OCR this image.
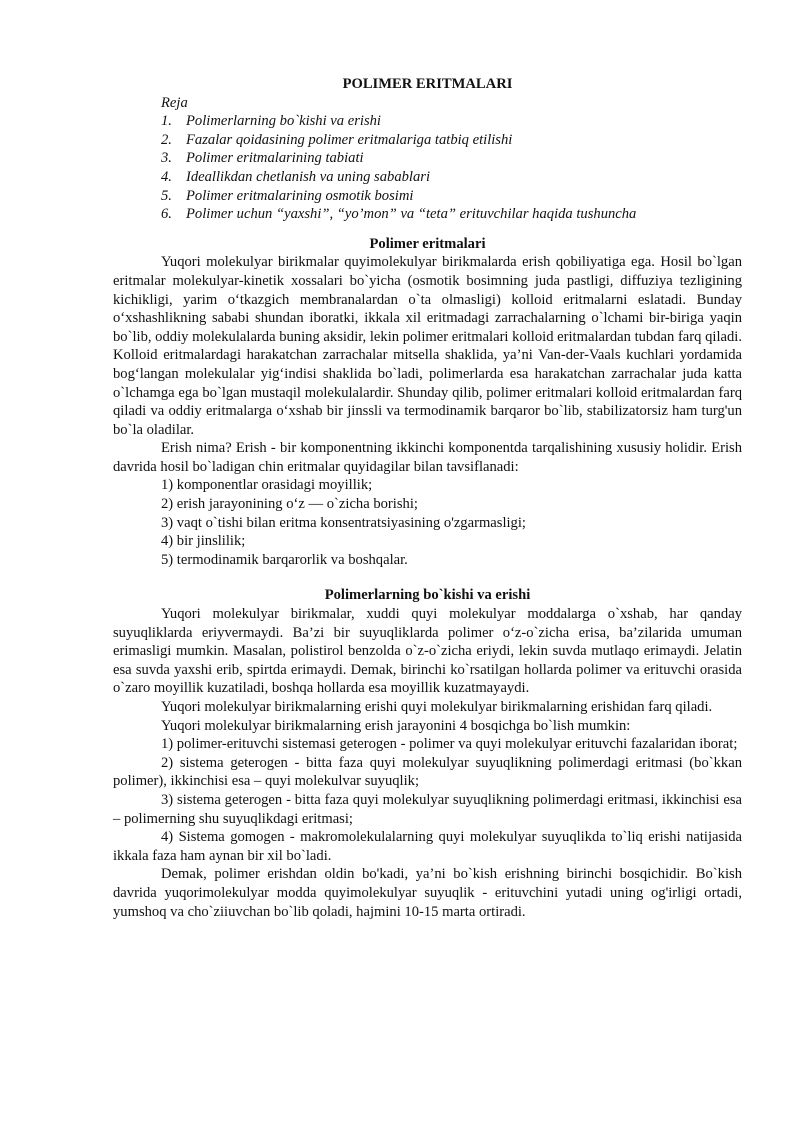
POLIMER ERITMALARI
Reja
1. Polimerlarning bo`kishi va erishi
2. Fazalar qoidasining polimer eritmalariga tatbiq etilishi
3. Polimer eritmalarining tabiati
4. Ideallikdan chetlanish va uning sabablari
5. Polimer eritmalarining osmotik bosimi
6. Polimer uchun “yaxshi”, “yo’mon” va “teta” erituvchilar haqida tushuncha
Polimer eritmalari

Yuqori molekulyar birikmalar quyimolekulyar birikmalarda erish qobiliyatiga ega. Hosil bo`lgan eritmalar molekulyar-kinetik xossalari bo`yicha (osmotik bosimning juda pastligi, diffuziya tezligining kichikligi, yarim o‘tkazgich membranalardan o`ta olmasligi) kolloid eritmalarni eslatadi. Bunday o‘xshashlikning sababi shundan iboratki, ikkala xil eritmadagi zarrachalarning o`lchami bir-biriga yaqin bo`lib, oddiy molekulalarda buning aksidir, lekin polimer eritmalari kolloid eritmalardan tubdan farq qiladi. Kolloid eritmalardagi harakatchan zarrachalar mitsella shaklida, ya’ni Van-der-Vaals kuchlari yordamida bog‘langan molekulalar yig‘indisi shaklida bo`ladi, polimerlarda esa harakatchan zarrachalar juda katta o`lchamga ega bo`lgan mustaqil molekulalardir. Shunday qilib, polimer eritmalari kolloid eritmalardan farq qiladi va oddiy eritmalarga o‘xshab bir jinssli va termodinamik barqaror bo`lib, stabilizatorsiz ham turg'un bo`la oladilar.

Erish nima? Erish - bir komponentning ikkinchi komponentda tarqalishining xususiy holidir. Erish davrida hosil bo`ladigan chin eritmalar quyidagilar bilan tavsiflanadi:

1) komponentlar orasidagi moyillik;
2) erish jarayonining o‘z — o`zicha borishi;
3) vaqt o`tishi bilan eritma konsentratsiyasining o'zgarmasligi;
4) bir jinslilik;
5) termodinamik barqarorlik va boshqalar.
Polimerlarning bo`kishi va erishi

Yuqori molekulyar birikmalar, xuddi quyi molekulyar moddalarga o`xshab, har qanday suyuqliklarda eriyvermaydi. Ba’zi bir suyuqliklarda polimer o‘z-o`zicha erisa, ba’zilarida umuman erimasligi mumkin. Masalan, polistirol benzolda o`z-o`zicha eriydi, lekin suvda mutlaqo erimaydi. Jelatin esa suvda yaxshi erib, spirtda erimaydi. Demak, birinchi ko`rsatilgan hollarda polimer va erituvchi orasida o`zaro moyillik kuzatiladi, boshqa hollarda esa moyillik kuzatmayaydi.

Yuqori molekulyar birikmalarning erishi quyi molekulyar birikmalarning erishidan farq qiladi.

Yuqori molekulyar birikmalarning erish jarayonini 4 bosqichga bo`lish mumkin:

1) polimer-erituvchi sistemasi geterogen - polimer va quyi molekulyar erituvchi fazalaridan iborat;

2) sistema geterogen - bitta faza quyi molekulyar suyuqlikning polimerdagi eritmasi (bo`kkan polimer), ikkinchisi esa – quyi molekulvar suyuqlik;

3) sistema geterogen - bitta faza quyi molekulyar suyuqlikning polimerdagi eritmasi, ikkinchisi esa – polimerning shu suyuqlikdagi eritmasi;

4) Sistema gomogen - makromolekulalarning quyi molekulyar suyuqlikda to`liq erishi natijasida ikkala faza ham aynan bir xil bo`ladi.

Demak, polimer erishdan oldin bo'kadi, ya’ni bo`kish erishning birinchi bosqichidir. Bo`kish davrida yuqorimolekulyar modda quyimolekulyar suyuqlik - erituvchini yutadi uning og'irligi ortadi, yumshoq va cho`ziiuvchan bo`lib qoladi, hajmini 10-15 marta ortiradi.
